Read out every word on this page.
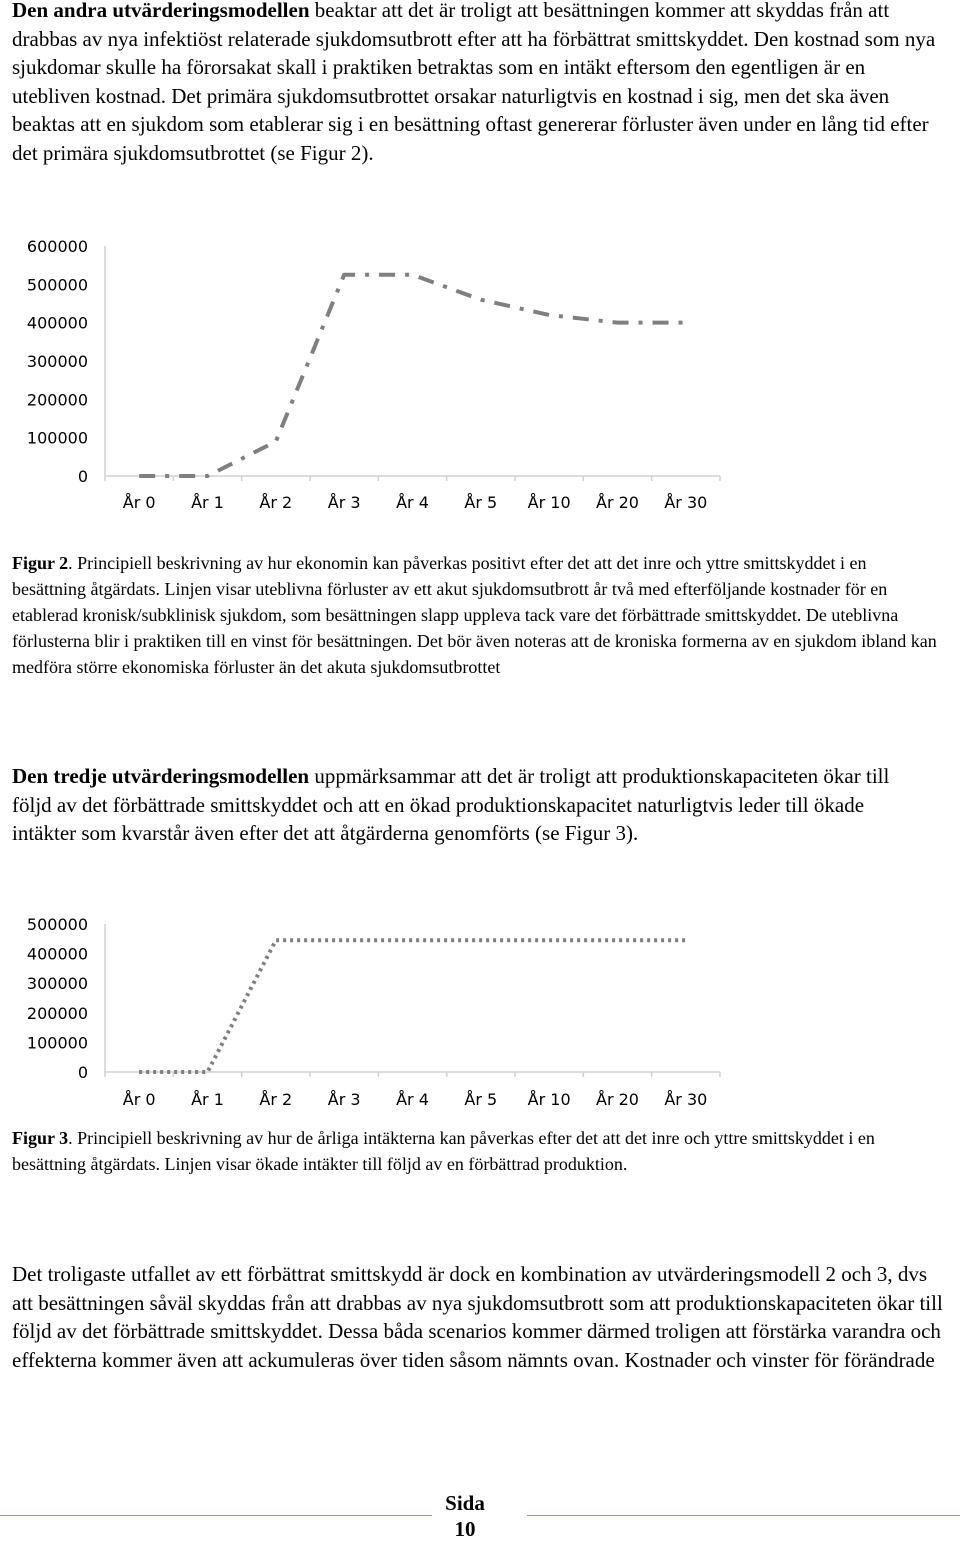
Den andra utvärderingsmodellen beaktar att det är troligt att besättningen kommer att skyddas från att drabbas av nya infektiöst relaterade sjukdomsutbrott efter att ha förbättrat smittskyddet. Den kostnad som nya sjukdomar skulle ha förorsakat skall i praktiken betraktas som en intäkt eftersom den egentligen är en utebliven kostnad. Det primära sjukdomsutbrottet orsakar naturligtvis en kostnad i sig, men det ska även beaktas att en sjukdom som etablerar sig i en besättning oftast genererar förluster även under en lång tid efter det primära sjukdomsutbrottet (se Figur 2).

0
100000
200000
300000
400000
500000
600000
År 0 År 1 År 2 År 3 År 4 År 5 År 10 År 20 År 30

Figur 2. Principiell beskrivning av hur ekonomin kan påverkas positivt efter det att det inre och yttre smittskyddet i en besättning åtgärdats. Linjen visar uteblivna förluster av ett akut sjukdomsutbrott år två med efterföljande kostnader för en etablerad kronisk/subklinisk sjukdom, som besättningen slapp uppleva tack vare det förbättrade smittskyddet. De uteblivna förlusterna blir i praktiken till en vinst för besättningen. Det bör även noteras att de kroniska formerna av en sjukdom ibland kan medföra större ekonomiska förluster än det akuta sjukdomsutbrottet

Den tredje utvärderingsmodellen uppmärksammar att det är troligt att produktionskapaciteten ökar till följd av det förbättrade smittskyddet och att en ökad produktionskapacitet naturligtvis leder till ökade intäkter som kvarstår även efter det att åtgärderna genomförts (se Figur 3).

0
100000
200000
300000
400000
500000
År 0 År 1 År 2 År 3 År 4 År 5 År 10 År 20 År 30

Figur 3. Principiell beskrivning av hur de årliga intäkterna kan påverkas efter det att det inre och yttre smittskyddet i en besättning åtgärdats. Linjen visar ökade intäkter till följd av en förbättrad produktion.

Det troligaste utfallet av ett förbättrat smittskydd är dock en kombination av utvärderingsmodell 2 och 3, dvs att besättningen såväl skyddas från att drabbas av nya sjukdomsutbrott som att produktionskapaciteten ökar till följd av det förbättrade smittskyddet. Dessa båda scenarios kommer därmed troligen att förstärka varandra och effekterna kommer även att ackumuleras över tiden såsom nämnts ovan. Kostnader och vinster för förändrade

Sida
10
